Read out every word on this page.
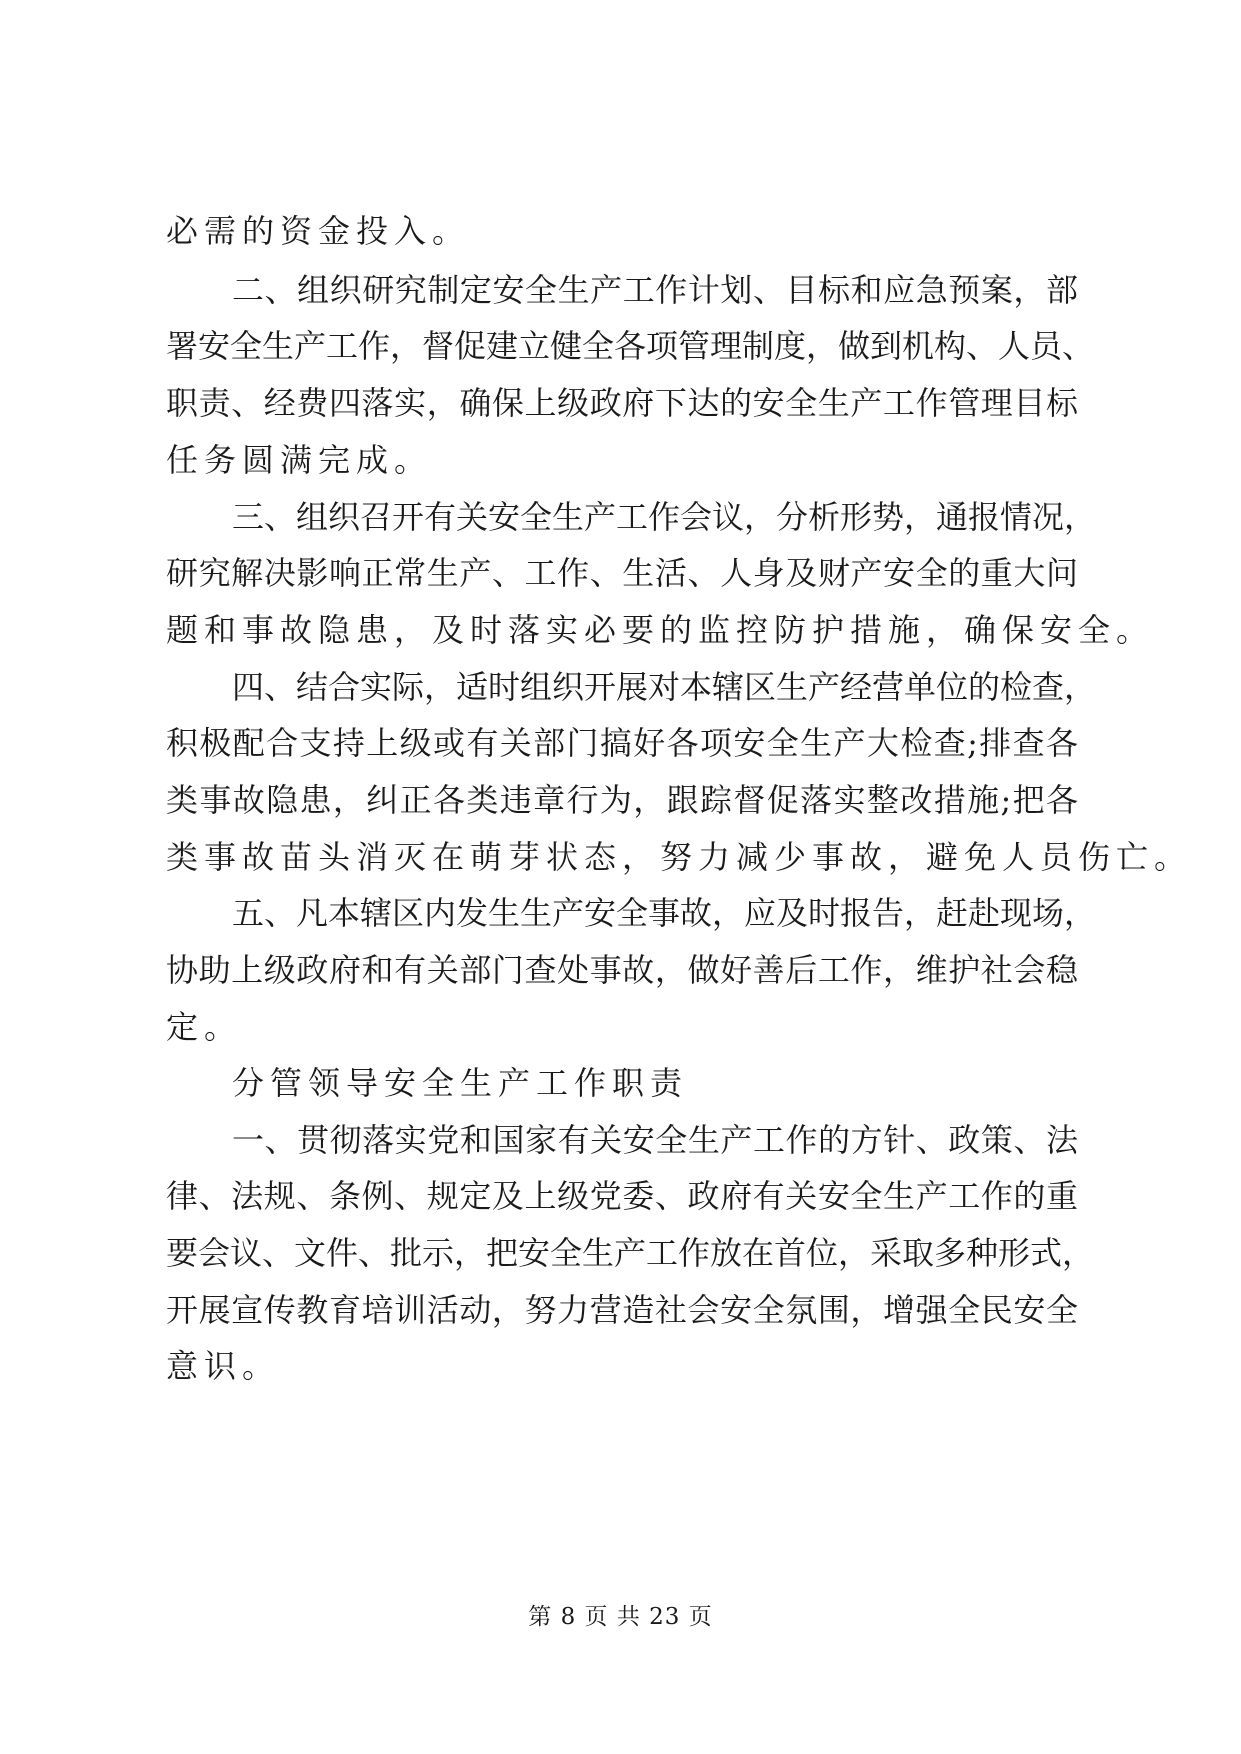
必需的资金投入。
二、组织研究制定安全生产工作计划、目标和应急预案，部
署安全生产工作，督促建立健全各项管理制度，做到机构、人员、
职责、经费四落实，确保上级政府下达的安全生产工作管理目标
任务圆满完成。
三、组织召开有关安全生产工作会议，分析形势，通报情况，
研究解决影响正常生产、工作、生活、人身及财产安全的重大问
题和事故隐患，及时落实必要的监控防护措施，确保安全。
四、结合实际，适时组织开展对本辖区生产经营单位的检查，
积极配合支持上级或有关部门搞好各项安全生产大检查;排查各
类事故隐患，纠正各类违章行为，跟踪督促落实整改措施;把各
类事故苗头消灭在萌芽状态，努力减少事故，避免人员伤亡。
五、凡本辖区内发生生产安全事故，应及时报告，赶赴现场，
协助上级政府和有关部门查处事故，做好善后工作，维护社会稳
定。
分管领导安全生产工作职责
一、贯彻落实党和国家有关安全生产工作的方针、政策、法
律、法规、条例、规定及上级党委、政府有关安全生产工作的重
要会议、文件、批示，把安全生产工作放在首位，采取多种形式，
开展宣传教育培训活动，努力营造社会安全氛围，增强全民安全
意识。
第 8 页 共 23 页
